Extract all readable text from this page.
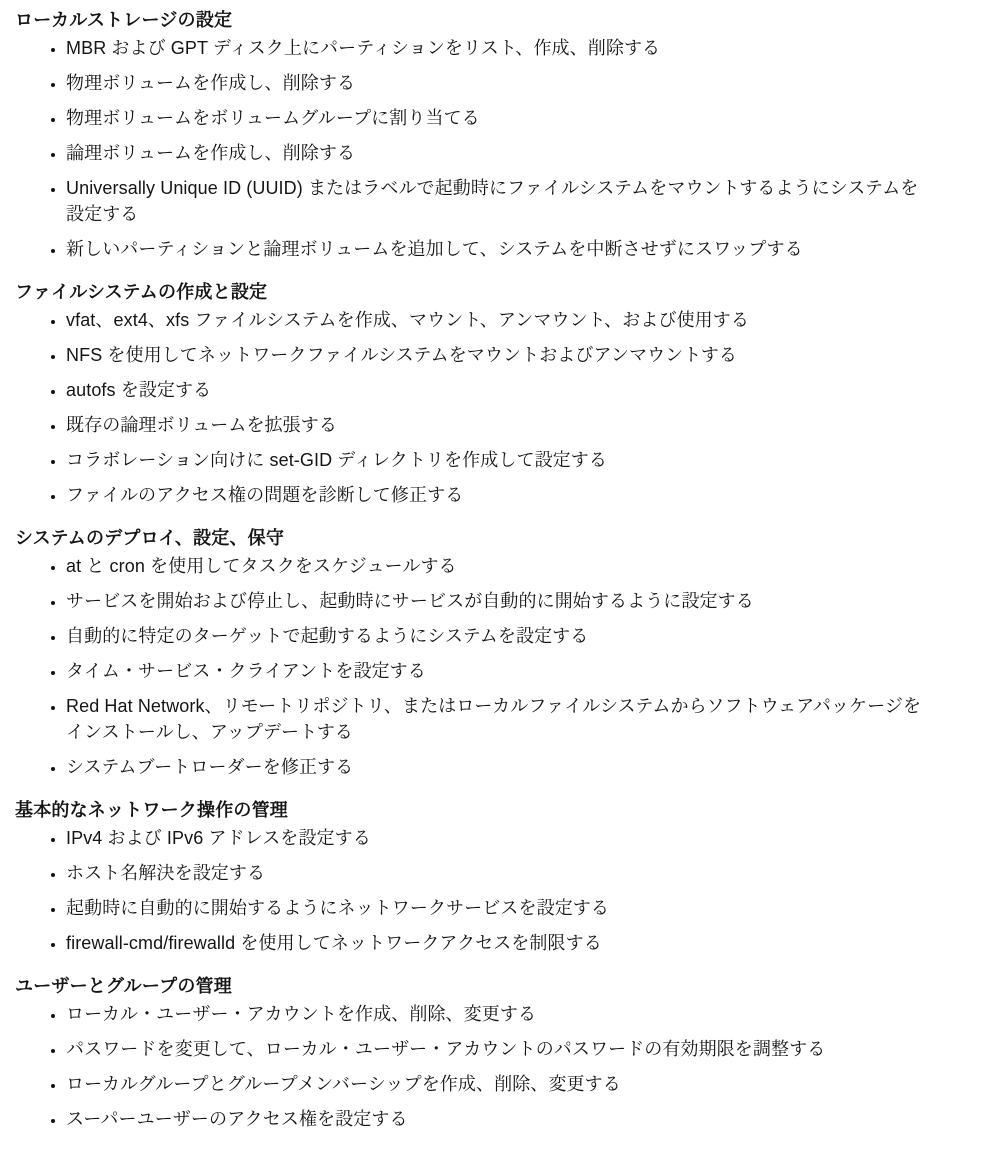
ローカルストレージの設定
• MBR および GPT ディスク上にパーティションをリスト、作成、削除する
• 物理ボリュームを作成し、削除する
• 物理ボリュームをボリュームグループに割り当てる
• 論理ボリュームを作成し、削除する
• Universally Unique ID (UUID) またはラベルで起動時にファイルシステムをマウントするようにシステムを設定する
• 新しいパーティションと論理ボリュームを追加して、システムを中断させずにスワップする
ファイルシステムの作成と設定
• vfat、ext4、xfs ファイルシステムを作成、マウント、アンマウント、および使用する
• NFS を使用してネットワークファイルシステムをマウントおよびアンマウントする
• autofs を設定する
• 既存の論理ボリュームを拡張する
• コラボレーション向けに set-GID ディレクトリを作成して設定する
• ファイルのアクセス権の問題を診断して修正する
システムのデプロイ、設定、保守
• at と cron を使用してタスクをスケジュールする
• サービスを開始および停止し、起動時にサービスが自動的に開始するように設定する
• 自動的に特定のターゲットで起動するようにシステムを設定する
• タイム・サービス・クライアントを設定する
• Red Hat Network、リモートリポジトリ、またはローカルファイルシステムからソフトウェアパッケージをインストールし、アップデートする
• システムブートローダーを修正する
基本的なネットワーク操作の管理
• IPv4 および IPv6 アドレスを設定する
• ホスト名解決を設定する
• 起動時に自動的に開始するようにネットワークサービスを設定する
• firewall-cmd/firewalld を使用してネットワークアクセスを制限する
ユーザーとグループの管理
• ローカル・ユーザー・アカウントを作成、削除、変更する
• パスワードを変更して、ローカル・ユーザー・アカウントのパスワードの有効期限を調整する
• ローカルグループとグループメンバーシップを作成、削除、変更する
• スーパーユーザーのアクセス権を設定する
